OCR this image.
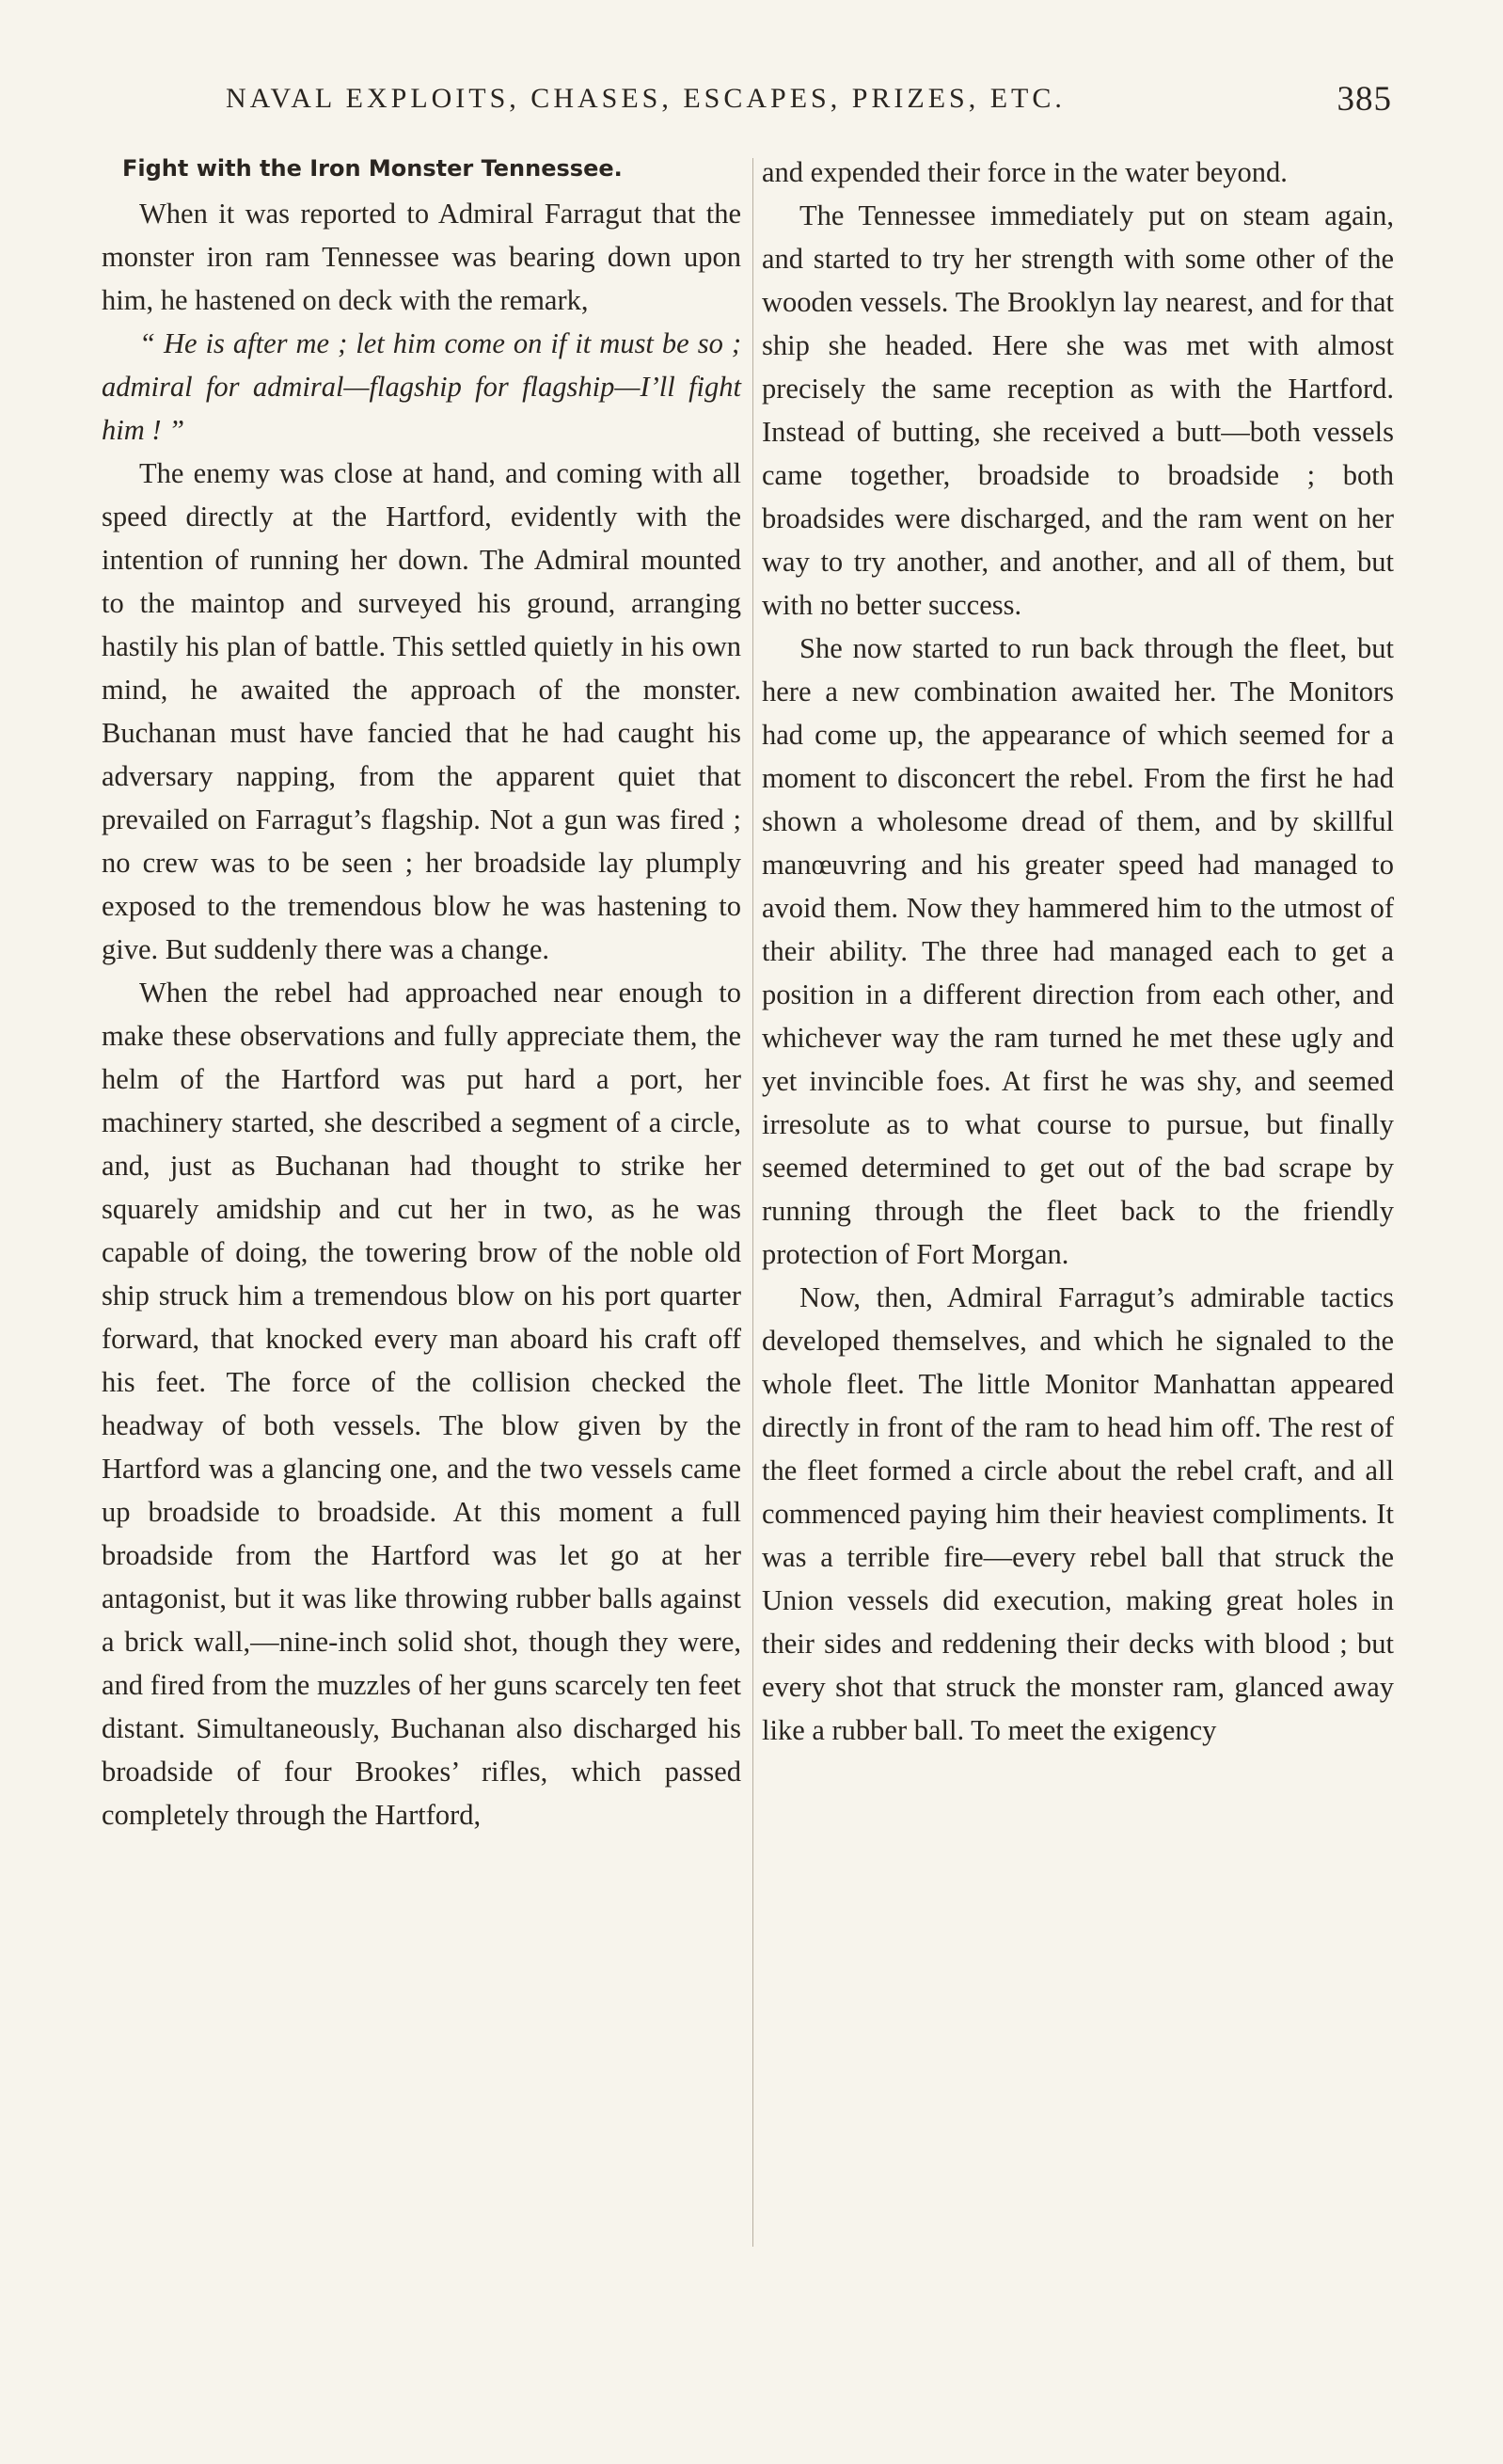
NAVAL EXPLOITS, CHASES, ESCAPES, PRIZES, ETC.	385
Fight with the Iron Monster Tennessee.

When it was reported to Admiral Farragut that the monster iron ram Tennessee was bearing down upon him, he hastened on deck with the remark,

“ He is after me ; let him come on if it must be so ; admiral for admiral—flagship for flagship—I’ll fight him ! ”

The enemy was close at hand, and coming with all speed directly at the Hartford, evidently with the intention of running her down. The Admiral mounted to the maintop and surveyed his ground, arranging hastily his plan of battle. This settled quietly in his own mind, he awaited the approach of the monster. Buchanan must have fancied that he had caught his adversary napping, from the apparent quiet that prevailed on Farragut’s flagship. Not a gun was fired ; no crew was to be seen ; her broadside lay plumply exposed to the tremendous blow he was hastening to give. But suddenly there was a change.

When the rebel had approached near enough to make these observations and fully appreciate them, the helm of the Hartford was put hard a port, her machinery started, she described a segment of a circle, and, just as Buchanan had thought to strike her squarely amidship and cut her in two, as he was capable of doing, the towering brow of the noble old ship struck him a tremendous blow on his port quarter forward, that knocked every man aboard his craft off his feet. The force of the collision checked the headway of both vessels. The blow given by the Hartford was a glancing one, and the two vessels came up broadside to broadside. At this moment a full broadside from the Hartford was let go at her antagonist, but it was like throwing rubber balls against a brick wall,—nine-inch solid shot, though they were, and fired from the muzzles of her guns scarcely ten feet distant. Simultaneously, Buchanan also discharged his broadside of four Brookes’ rifles, which passed completely through the Hartford,

and expended their force in the water beyond.

The Tennessee immediately put on steam again, and started to try her strength with some other of the wooden vessels. The Brooklyn lay nearest, and for that ship she headed. Here she was met with almost precisely the same reception as with the Hartford. Instead of butting, she received a butt—both vessels came together, broadside to broadside ; both broadsides were discharged, and the ram went on her way to try another, and another, and all of them, but with no better success.

She now started to run back through the fleet, but here a new combination awaited her. The Monitors had come up, the appearance of which seemed for a moment to disconcert the rebel. From the first he had shown a wholesome dread of them, and by skillful manœuvring and his greater speed had managed to avoid them. Now they hammered him to the utmost of their ability. The three had managed each to get a position in a different direction from each other, and whichever way the ram turned he met these ugly and yet invincible foes. At first he was shy, and seemed irresolute as to what course to pursue, but finally seemed determined to get out of the bad scrape by running through the fleet back to the friendly protection of Fort Morgan.

Now, then, Admiral Farragut’s admirable tactics developed themselves, and which he signaled to the whole fleet. The little Monitor Manhattan appeared directly in front of the ram to head him off. The rest of the fleet formed a circle about the rebel craft, and all commenced paying him their heaviest compliments. It was a terrible fire—every rebel ball that struck the Union vessels did execution, making great holes in their sides and reddening their decks with blood ; but every shot that struck the monster ram, glanced away like a rubber ball. To meet the exigency
